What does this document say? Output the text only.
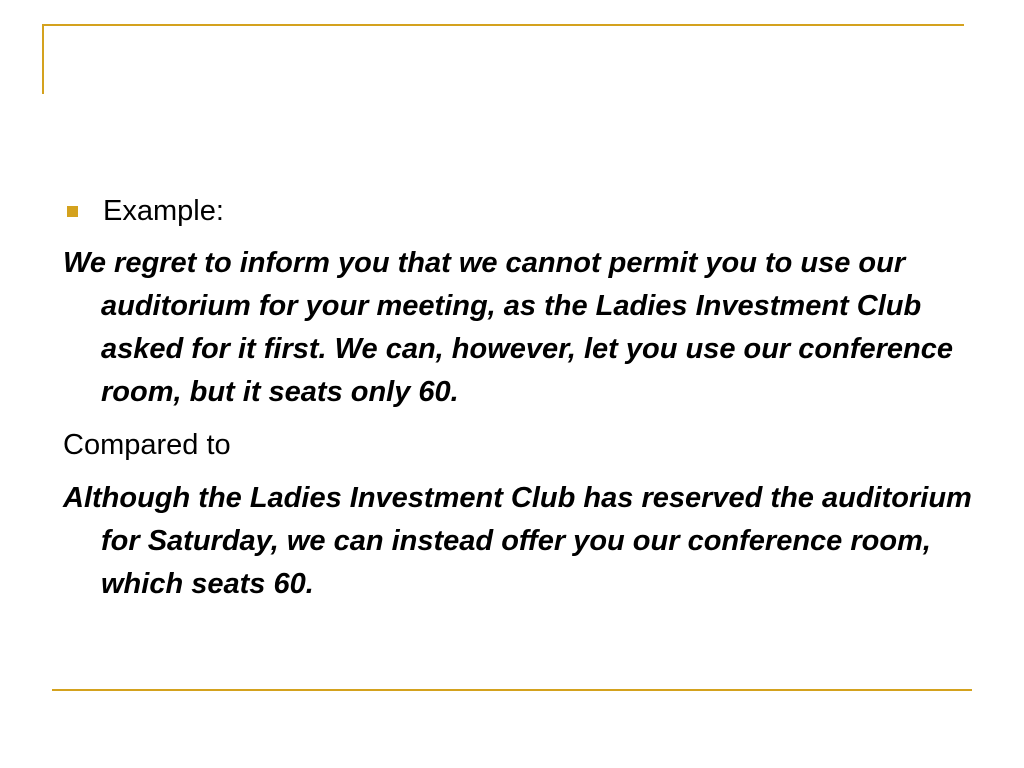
Example:
We regret to inform you that we cannot permit you to use our auditorium for your meeting, as the Ladies Investment Club asked for it first. We can, however, let you use our conference room, but it seats only 60.
Compared to
Although the Ladies Investment Club has reserved the auditorium for Saturday, we can instead offer you our conference room, which seats 60.
